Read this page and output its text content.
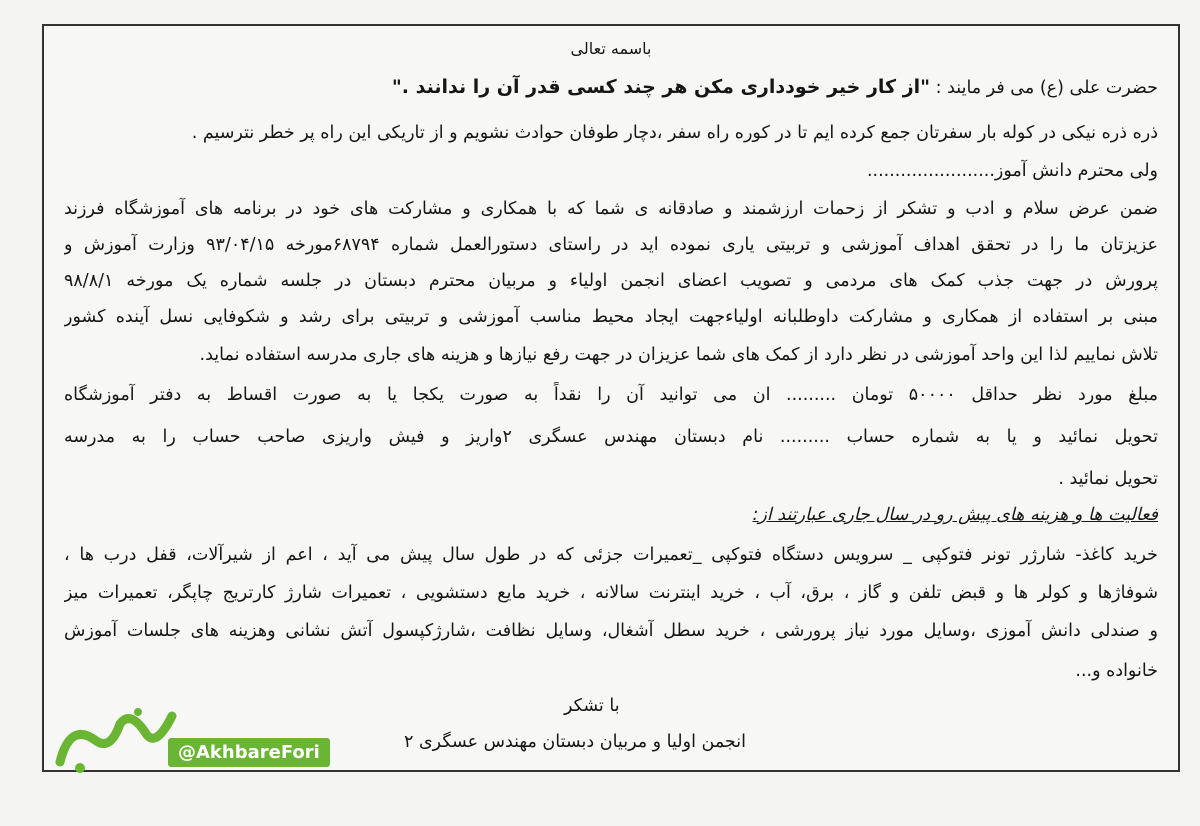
باسمه تعالی
حضرت علی (ع) می فر مایند : "از کار خیر خودداری مکن هر چند کسی قدر آن را ندانند ."
ذره ذره نیکی در کوله بار سفرتان جمع کرده ایم تا در کوره راه سفر ،دچار طوفان حوادث نشویم و از تاریکی این راه پر خطر نترسیم .
ولی محترم دانش آموز.......................
ضمن عرض سلام و ادب و تشکر از زحمات ارزشمند و صادقانه ی شما که با همکاری و مشارکت های خود در برنامه های آموزشگاه فرزند
عزیزتان ما را در تحقق اهداف آموزشی و تربیتی یاری نموده اید در راستای دستورالعمل شماره ۶۸۷۹۴مورخه ۹۳/۰۴/۱۵ وزارت آموزش و
پرورش در جهت جذب کمک های مردمی و تصویب اعضای انجمن اولیاء و مربیان محترم دبستان در جلسه شماره یک مورخه ۹۸/۸/۱
مبنی بر استفاده از همکاری و مشارکت داوطلبانه اولیاءجهت ایجاد محیط مناسب آموزشی و تربیتی برای رشد و شکوفایی نسل آینده کشور
تلاش نماییم لذا این واحد آموزشی در نظر دارد از کمک های شما عزیزان در جهت رفع نیازها و هزینه های جاری مدرسه استفاده نماید.
مبلغ مورد نظر حداقل ۵۰۰۰۰ تومان ......... ان می توانید آن را نقداً به صورت یکجا یا به صورت اقساط به دفتر آموزشگاه
تحویل نمائید و یا به شماره حساب ......... نام دبستان مهندس عسگری ۲واریز و فیش واریزی صاحب حساب را به مدرسه
تحویل نمائید .
فعالیت ها و هزینه های پیش رو در سال جاری عبارتند از:
خرید کاغذ- شارژر تونر فتوکپی _ سرویس دستگاه فتوکپی _تعمیرات جزئی که در طول سال پیش می آید ، اعم از شیرآلات، قفل درب ها ،
شوفاژها و کولر ها و قبض تلفن و گاز ، برق، آب ، خرید اینترنت سالانه ، خرید مایع دستشویی ، تعمیرات شارژ کارتریج چاپگر، تعمیرات میز
و صندلی دانش آموزی ،وسایل مورد نیاز پرورشی ، خرید سطل آشغال، وسایل نظافت ،شارژکپسول آتش نشانی وهزینه های جلسات آموزش
خانواده و...
با تشکر
انجمن اولیا و مربیان دبستان مهندس عسگری ۲
@AkhbareFori
